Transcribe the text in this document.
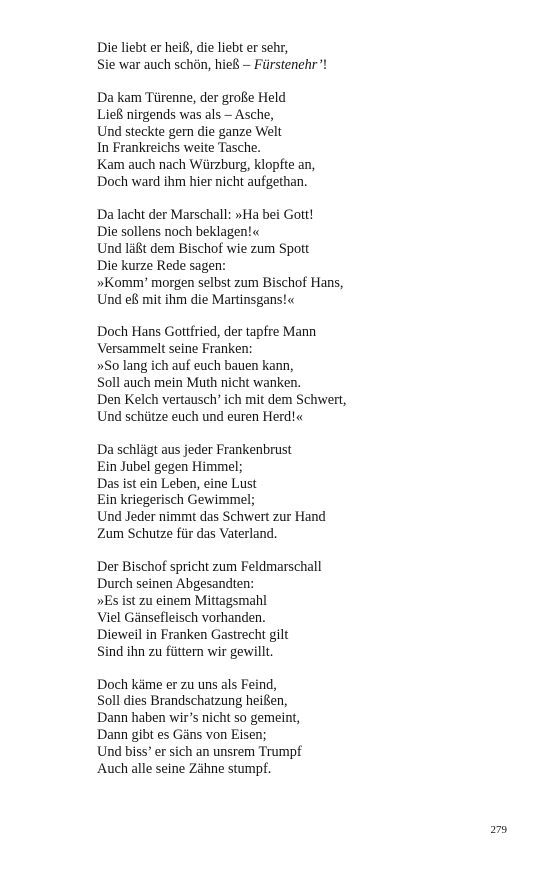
Die liebt er heiß, die liebt er sehr,
Sie war auch schön, hieß – Fürstenehr’!
Da kam Türenne, der große Held
Ließ nirgends was als – Asche,
Und steckte gern die ganze Welt
In Frankreichs weite Tasche.
Kam auch nach Würzburg, klopfte an,
Doch ward ihm hier nicht aufgethan.
Da lacht der Marschall: »Ha bei Gott!
Die sollens noch beklagen!«
Und läßt dem Bischof wie zum Spott
Die kurze Rede sagen:
»Komm’ morgen selbst zum Bischof Hans,
Und eß mit ihm die Martinsgans!«
Doch Hans Gottfried, der tapfre Mann
Versammelt seine Franken:
»So lang ich auf euch bauen kann,
Soll auch mein Muth nicht wanken.
Den Kelch vertausch’ ich mit dem Schwert,
Und schütze euch und euren Herd!«
Da schlägt aus jeder Frankenbrust
Ein Jubel gegen Himmel;
Das ist ein Leben, eine Lust
Ein kriegerisch Gewimmel;
Und Jeder nimmt das Schwert zur Hand
Zum Schutze für das Vaterland.
Der Bischof spricht zum Feldmarschall
Durch seinen Abgesandten:
»Es ist zu einem Mittagsmahl
Viel Gänsefleisch vorhanden.
Dieweil in Franken Gastrecht gilt
Sind ihn zu füttern wir gewillt.
Doch käme er zu uns als Feind,
Soll dies Brandschatzung heißen,
Dann haben wir’s nicht so gemeint,
Dann gibt es Gäns von Eisen;
Und biss’ er sich an unsrem Trumpf
Auch alle seine Zähne stumpf.
279
